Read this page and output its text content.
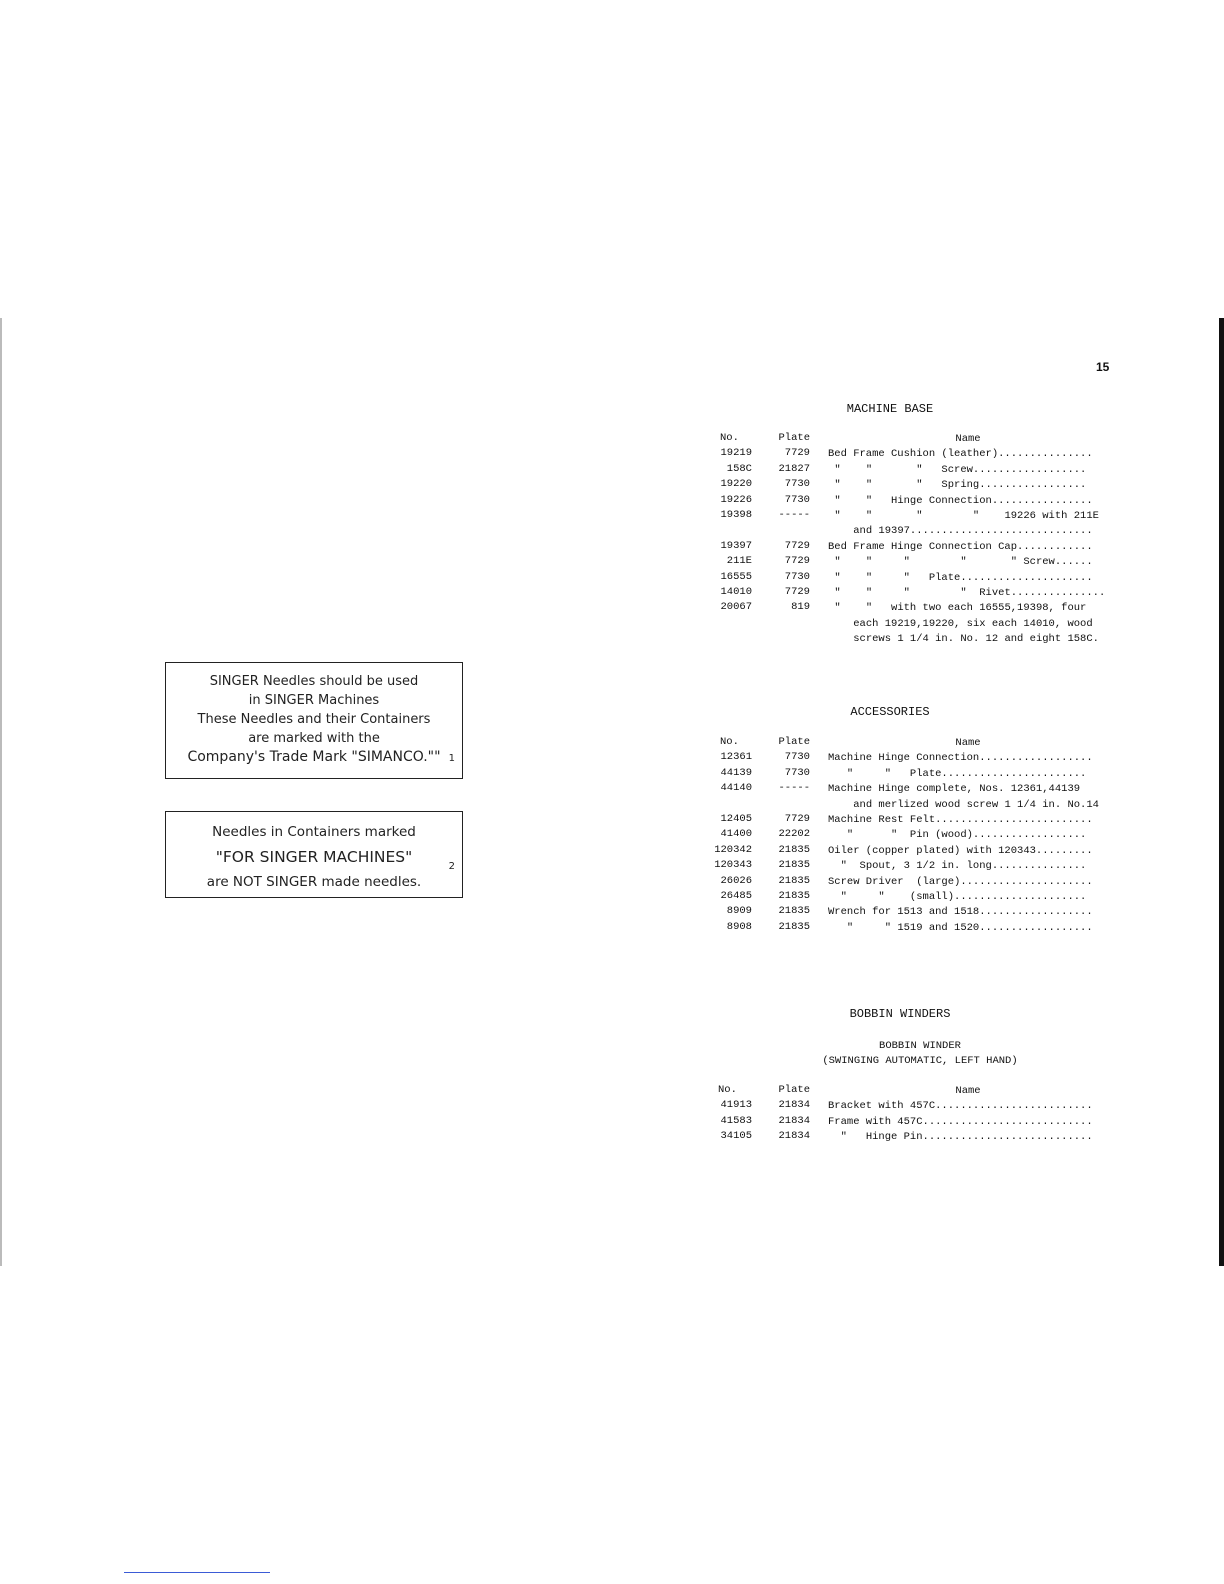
SINGER Needles should be used
in SINGER Machines
These Needles and their Containers
are marked with the
Company's Trade Mark "SIMANCO."" 1
Needles in Containers marked
"FOR SINGER MACHINES"
are NOT SINGER made needles.
2
15
MACHINE BASE
No.	Plate	Name
19219	7729 Bed Frame Cushion (leather)...............
158C	21827 "    "       "   Screw..................
19220	7730 "    "       "   Spring.................
19226	7730 "    "   Hinge Connection................
19398	-----	"    "       "        "    19226 with 211E
and 19397.............................
19397	7729 Bed Frame Hinge Connection Cap............
211E	7729 "    "     "        "       " Screw......
16555	7730 "    "     "   Plate.....................
14010	7729 "    "     "        "  Rivet...............
20067	819	"    "   with two each 16555,19398, four
each 19219,19220, six each 14010, wood
screws 1 1/4 in. No. 12 and eight 158C.
ACCESSORIES
No.	Plate	Name
12361	7730 Machine Hinge Connection..................
44139	7730 "     "   Plate.......................
44140	----- Machine Hinge complete, Nos. 12361,44139
and merlized wood screw 1 1/4 in. No.14
12405	7729 Machine Rest Felt.........................
41400	22202 "      "  Pin (wood)..................
120342	21835 Oiler (copper plated) with 120343.........
120343	21835 "  Spout, 3 1/2 in. long...............
26026	21835 Screw Driver  (large).....................
26485	21835 "     "    (small).....................
8909	21835 Wrench for 1513 and 1518..................
8908	21835 "     " 1519 and 1520..................
BOBBIN WINDERS
BOBBIN WINDER
(SWINGING AUTOMATIC, LEFT HAND)
No.	Plate	Name
41913	21834 Bracket with 457C.........................
41583	21834 Frame with 457C...........................
34105	21834 "   Hinge Pin...........................
